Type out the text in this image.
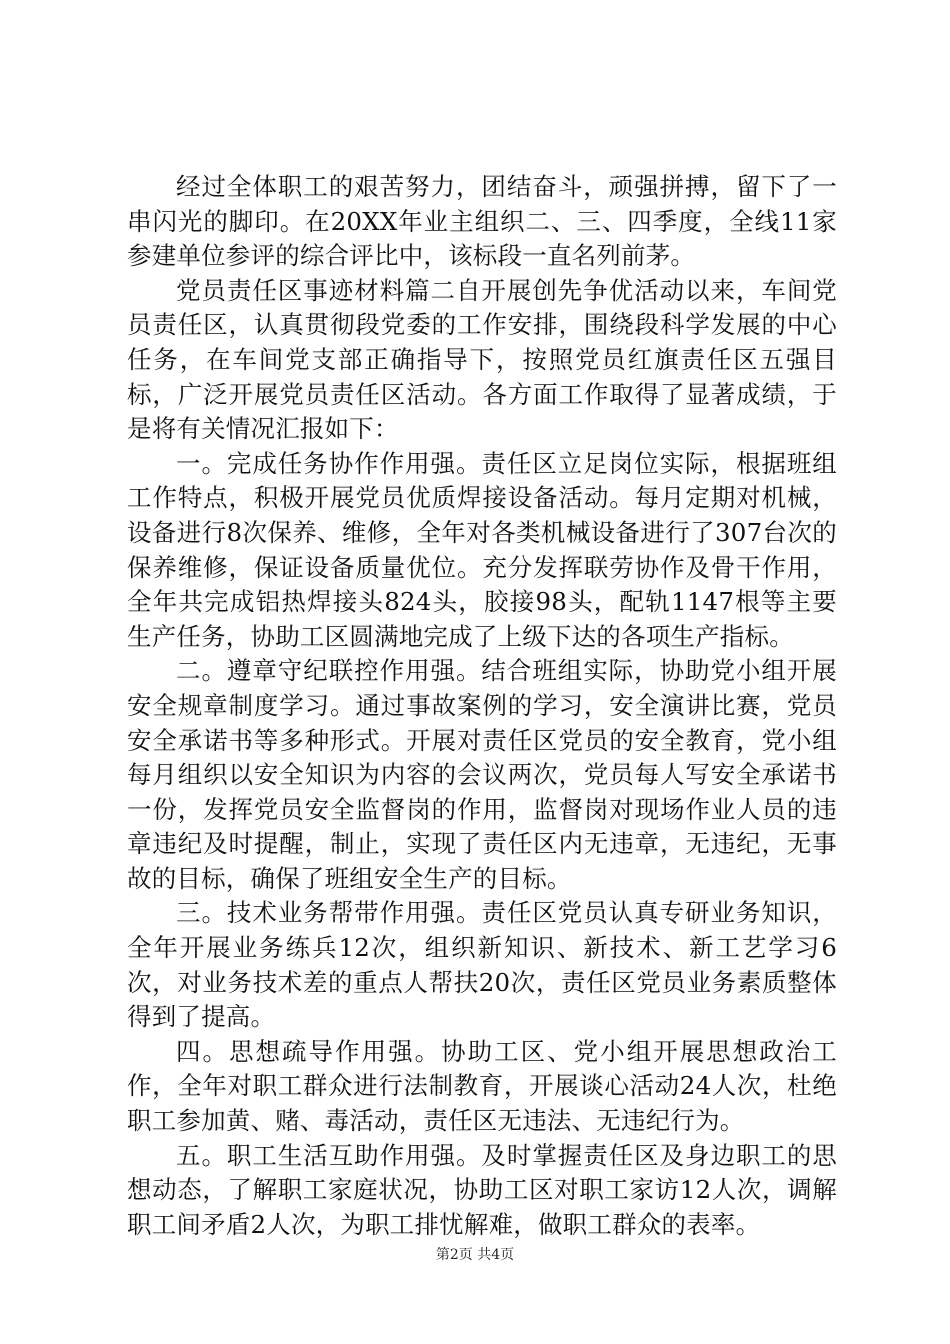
经过全体职工的艰苦努力，团结奋斗，顽强拼搏，留下了一串闪光的脚印。在20XX年业主组织二、三、四季度，全线11家参建单位参评的综合评比中，该标段一直名列前茅。

党员责任区事迹材料篇二自开展创先争优活动以来，车间党员责任区，认真贯彻段党委的工作安排，围绕段科学发展的中心任务，在车间党支部正确指导下，按照党员红旗责任区五强目标，广泛开展党员责任区活动。各方面工作取得了显著成绩，于是将有关情况汇报如下：

一。完成任务协作作用强。责任区立足岗位实际，根据班组工作特点，积极开展党员优质焊接设备活动。每月定期对机械，设备进行8次保养、维修，全年对各类机械设备进行了307台次的保养维修，保证设备质量优位。充分发挥联劳协作及骨干作用，全年共完成铝热焊接头824头，胶接98头，配轨1147根等主要生产任务，协助工区圆满地完成了上级下达的各项生产指标。

二。遵章守纪联控作用强。结合班组实际，协助党小组开展安全规章制度学习。通过事故案例的学习，安全演讲比赛，党员安全承诺书等多种形式。开展对责任区党员的安全教育，党小组每月组织以安全知识为内容的会议两次，党员每人写安全承诺书一份，发挥党员安全监督岗的作用，监督岗对现场作业人员的违章违纪及时提醒，制止，实现了责任区内无违章，无违纪，无事故的目标，确保了班组安全生产的目标。

三。技术业务帮带作用强。责任区党员认真专研业务知识，全年开展业务练兵12次，组织新知识、新技术、新工艺学习6次，对业务技术差的重点人帮扶20次，责任区党员业务素质整体得到了提高。

四。思想疏导作用强。协助工区、党小组开展思想政治工作，全年对职工群众进行法制教育，开展谈心活动24人次，杜绝职工参加黄、赌、毒活动，责任区无违法、无违纪行为。

五。职工生活互助作用强。及时掌握责任区及身边职工的思想动态，了解职工家庭状况，协助工区对职工家访12人次，调解职工间矛盾2人次，为职工排忧解难，做职工群众的表率。

第2页 共4页
